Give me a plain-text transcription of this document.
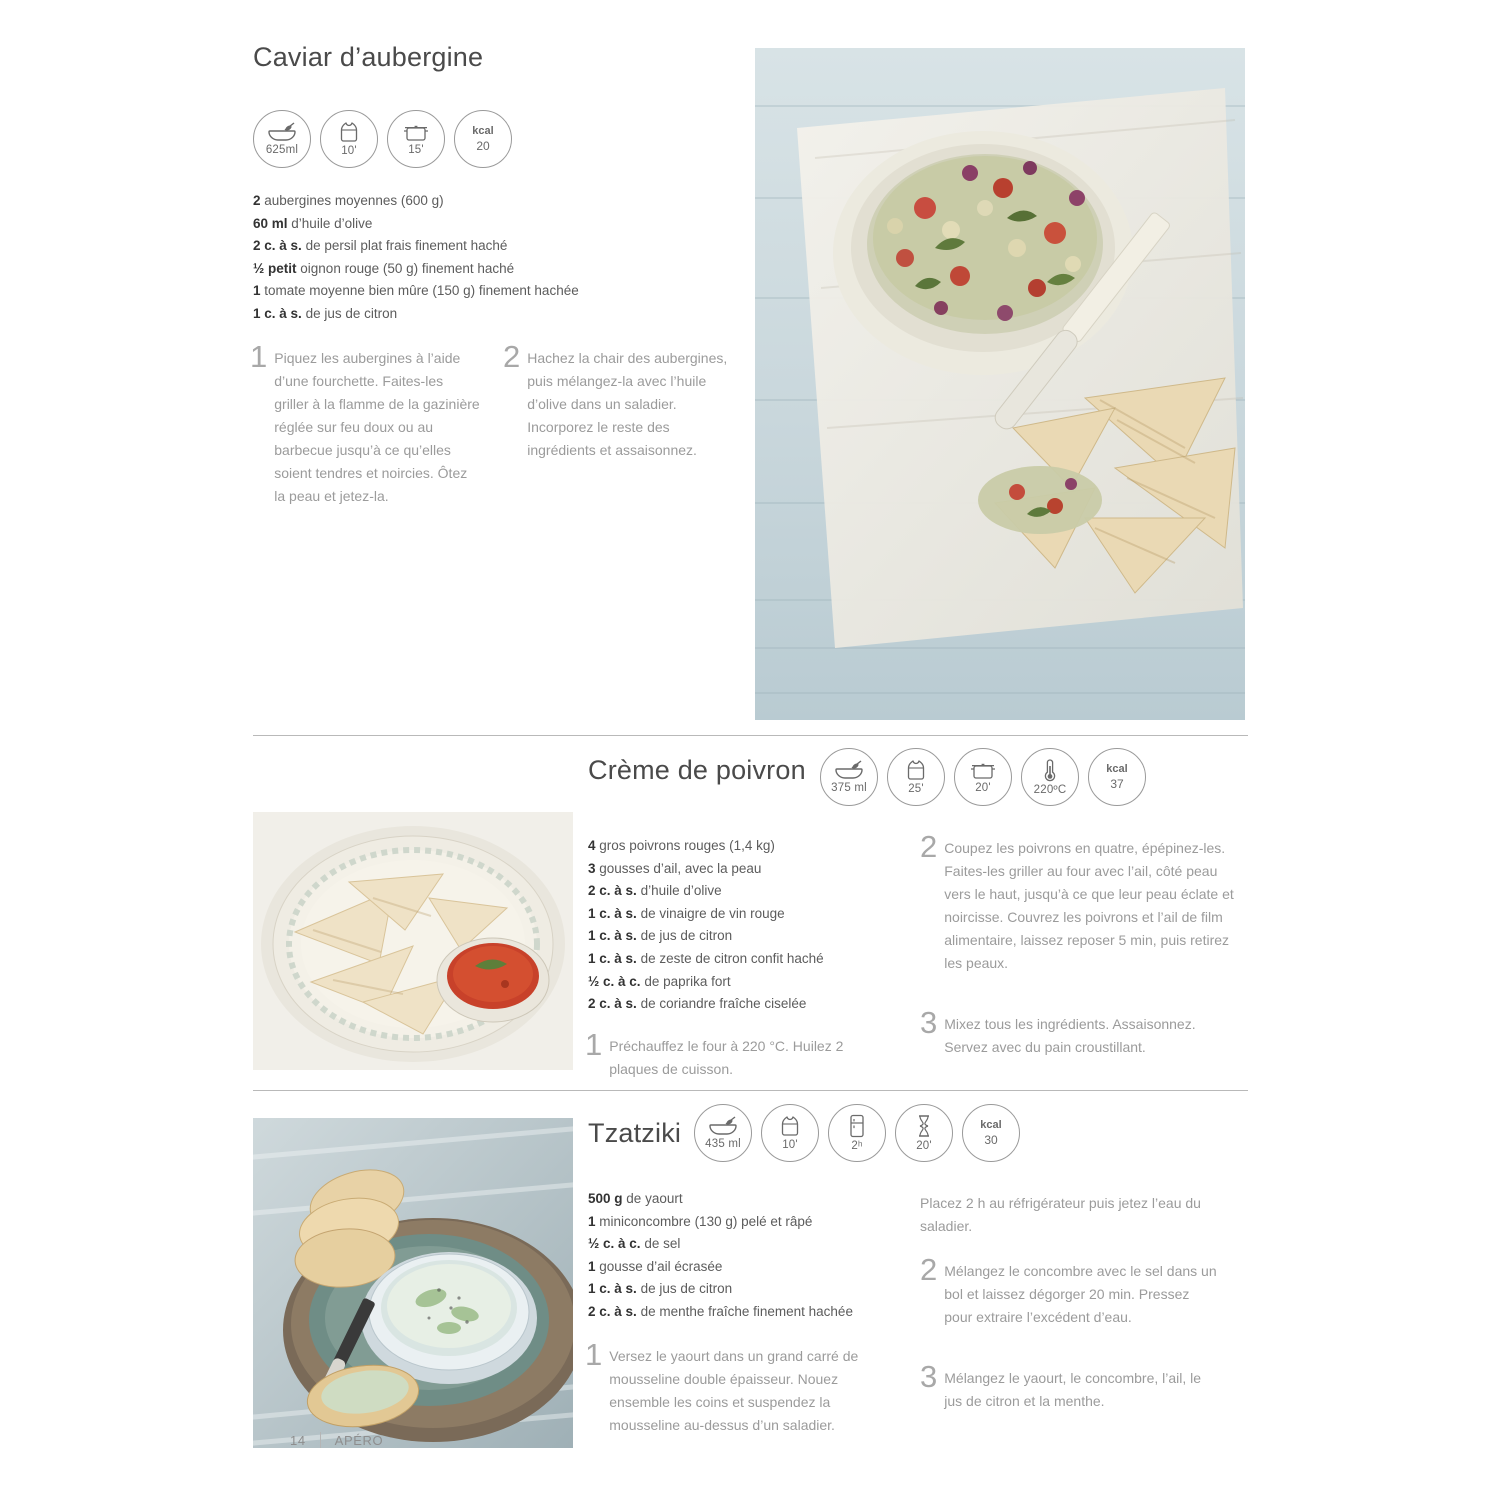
Caviar d’aubergine
625ml	10'	15'
kcal
20
2 aubergines moyennes (600 g)
60 ml d’huile d’olive
2 c. à s. de persil plat frais finement haché
½ petit oignon rouge (50 g) finement haché
1 tomate moyenne bien mûre (150 g) finement hachée
1 c. à s. de jus de citron
1 Piquez les aubergines à l’aide d’une fourchette. Faites-les griller à la flamme de la gazinière réglée sur feu doux ou au barbecue jusqu’à ce qu’elles soient tendres et noircies. Ôtez la peau et jetez-la.
2 Hachez la chair des aubergines, puis mélangez-la avec l’huile d’olive dans un saladier. Incorporez le reste des ingrédients et assaisonnez.
Crème de poivron
375 ml	25'	20'	220ºC
kcal
37
4 gros poivrons rouges (1,4 kg)
3 gousses d’ail, avec la peau
2 c. à s. d’huile d’olive
1 c. à s. de vinaigre de vin rouge
1 c. à s. de jus de citron
1 c. à s. de zeste de citron confit haché
½ c. à c. de paprika fort
2 c. à s. de coriandre fraîche ciselée
1 Préchauffez le four à 220 °C. Huilez 2 plaques de cuisson.
2 Coupez les poivrons en quatre, épépinez-les. Faites-les griller au four avec l’ail, côté peau vers le haut, jusqu’à ce que leur peau éclate et noircisse. Couvrez les poivrons et l’ail de film alimentaire, laissez reposer 5 min, puis retirez les peaux.
3 Mixez tous les ingrédients. Assaisonnez. Servez avec du pain croustillant.
Tzatziki 435 ml	10'	2ʰ	20'
kcal
30
500 g de yaourt
1 miniconcombre (130 g) pelé et râpé
½ c. à c. de sel
1 gousse d’ail écrasée
1 c. à s. de jus de citron
2 c. à s. de menthe fraîche finement hachée
Placez 2 h au réfrigérateur puis jetez l’eau du saladier.
1 Versez le yaourt dans un grand carré de mousseline double épaisseur. Nouez ensemble les coins et suspendez la mousseline au-dessus d’un saladier.
2 Mélangez le concombre avec le sel dans un bol et laissez dégorger 20 min. Pressez pour extraire l’excédent d’eau.
3 Mélangez le yaourt, le concombre, l’ail, le jus de citron et la menthe.
14 APÉRO
